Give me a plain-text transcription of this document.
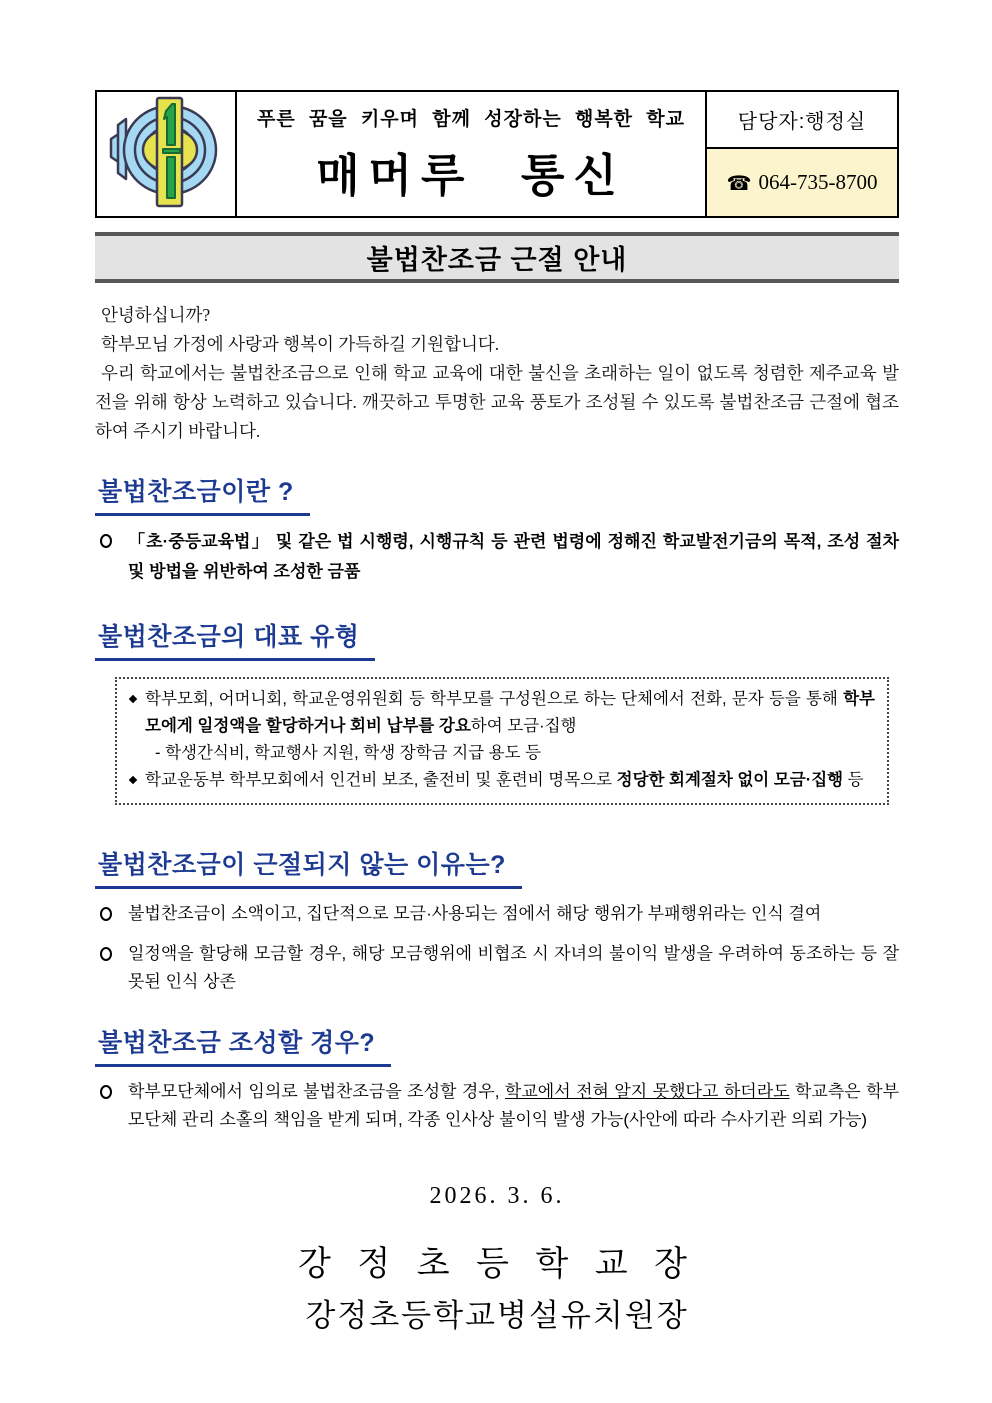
푸른 꿈을 키우며 함께 성장하는 행복한 학교
매머루 통신
담당자:행정실
☎ 064-735-8700
불법찬조금 근절 안내

안녕하십니까?

학부모님 가정에 사랑과 행복이 가득하길 기원합니다.

우리 학교에서는 불법찬조금으로 인해 학교 교육에 대한 불신을 초래하는 일이 없도록 청렴한 제주교육 발전을 위해 항상 노력하고 있습니다. 깨끗하고 투명한 교육 풍토가 조성될 수 있도록 불법찬조금 근절에 협조하여 주시기 바랍니다.

불법찬조금이란 ?
「초·중등교육법」 및 같은 법 시행령, 시행규칙 등 관련 법령에 정해진 학교발전기금의 목적, 조성 절차 및 방법을 위반하여 조성한 금품
불법찬조금의 대표 유형
학부모회, 어머니회, 학교운영위원회 등 학부모를 구성원으로 하는 단체에서 전화, 문자 등을 통해 학부모에게 일정액을 할당하거나 회비 납부를 강요하여 모금·집행
- 학생간식비, 학교행사 지원, 학생 장학금 지급 용도 등
학교운동부 학부모회에서 인건비 보조, 출전비 및 훈련비 명목으로 정당한 회계절차 없이 모금·집행 등
불법찬조금이 근절되지 않는 이유는?
불법찬조금이 소액이고, 집단적으로 모금·사용되는 점에서 해당 행위가 부패행위라는 인식 결여
일정액을 할당해 모금할 경우, 해당 모금행위에 비협조 시 자녀의 불이익 발생을 우려하여 동조하는 등 잘못된 인식 상존
불법찬조금 조성할 경우?
학부모단체에서 임의로 불법찬조금을 조성할 경우, 학교에서 전혀 알지 못했다고 하더라도 학교측은 학부모단체 관리 소홀의 책임을 받게 되며, 각종 인사상 불이익 발생 가능(사안에 따라 수사기관 의뢰 가능)
2026. 3. 6.
강 정 초 등 학 교 장
강정초등학교병설유치원장
